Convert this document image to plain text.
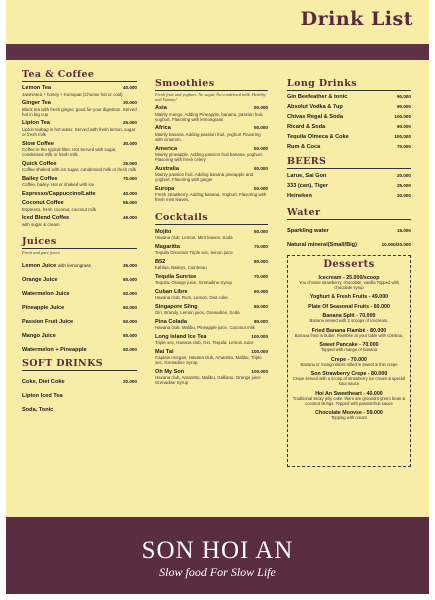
Drink List
Tea & Coffee
Lemon Tea	40.000
Jasmintea + honey + Kumquat (Choose hot or cold)
Ginger Tea	30.000
Black tea with fresh ginger, good for your digestion. Served hot in big cup
Lipton Tea	25.000
Lipton teabag in hot water. Served with fresh lemon, sugar or fresh milk
Slow Coffee	30.000
Coffee in the typical filter. Hot Served with sugar, condensed milk or fresh milk
Quick Coffee	25.000
Coffee shaked with ice sugar, condensed milk or fresh milk
Bailey Coffee	70.000
Coffee, bailey. Hot or shaked with ice
Espresso/Cappuccino/Latte	40.000
Coconut Coffee	55.000
Espresso, fresh coconut, coconut milk
Iced Blend Coffee	49.000
with sugar & cream
Juices
Fresh and pure juices
Lemon Juice with lemongrass	35.000
Orange Juice	50.000
Watermelon Juice	50.000
Pineapple Juice	50.000
Passion Fruit Juice	50.000
Mango Juice	50.000
Watermelon + Pineapple	50.000
SOFT DRINKS
Coke, Diet Coke	20.000
Lipton Iced Tea
Soda, Tonic
Smoothies
Fresh fruit and yoghurt. No sugar, No condensed milk. Healthy and Yummy!
Asia	50.000
Mainly mango. Adding Pineapple, banana, passion fruit, yoghurt. Flavoring with lemongrass
Africa	50.000
Mainly banana. Adding passion fruit, yoghurt Flavoring with cinamon.
America	50.000
Mainly pineapple. Adding passion fruit banana, yoghurt. Flavoring with fresh celery
Australia	50.000
Mainly passion fruit. Adding banana pineapple and yoghurt. Flavoring with ginger
Europa	50.000
Fresh strawberry. Adding banana, Yoghurt. Flavoring with fresh mint leaves.
Cocktails
Mojito	60.000
Havana club, Lemon, Mint leaves, Soda
Magaritta	70.000
Tequila Ornecam Triple sec, lemon juice
B52	80.000
Kahlua, Baileys, Cointreau
Tequila Sunrise	70.000
Tequila, Orange juice, Grenadine Syrup
Cuban Libre	60.000
Havana club, Rum, Lemon, Diet coke
Singapore Sling	80.000
Gin, Brandy, Lemon juice, Grenadine, Soda
Pina Colada	80.000
Havana club, Malibu, Pineapple juice, Coconut milk
Long Island Ice Tea	100.000
Triple sec, Havana club, Gin, Tequila, Lemon Juice
Mai Tai	100.000
Captain morgan, Havana club, Amaretto, Malibu, Triple sec, Grenadine Syrup
Oh My Son	100.000
Havana club, Amaretto, Malibu, Galliano, Orange juice Grenadine Syrup
Long Drinks
Gin Beefeather & tonic	90.000
Absolut Vodka & 7up	90.000
Chivas Regal & Soda	100.000
Ricard & Soda	90.000
Tequila Olmeca & Coke	100.000
Rum & Coca	70.000
BEERS
Larue, Sai Gon	20.000
333 (can), Tiger	25.000
Heineken	30.000
Water
Sparkling water	15.000
Natural mineral(Small/Big)	10.000/20.000
Desserts
Icecream - 25.000/scoop
You choose strawberry, chocolate, vanilla Topped with chocolate syrup
Yoghurt & Fresh Fruits - 49.000
Plate Of Seasonal Fruits - 60.000
Banana Split - 70.000
Banana served with 2 scoops of Icecream,
Fried Banana Flambé - 80.000
Banana fried in butter. Flambée at your table with cointrau.
Sweet Pancake - 70.000
Topped with mango or banana
Crepe - 70.000
Banana or mango slices rolled in Sweet & thin crepe
Son Strawberry Crepe - 80.000
Crepe served with a scoop of strawberry ice cream & special sour sauce
Hoi An Sweetheart - 40.000
Traditional sticky jelly cake. there are groundnt green bean & coconut strings. Topped with passionfruit sauce
Chocolate Moovse - 59.000
Topping with cream
SON HOI AN
Slow food For Slow Life
